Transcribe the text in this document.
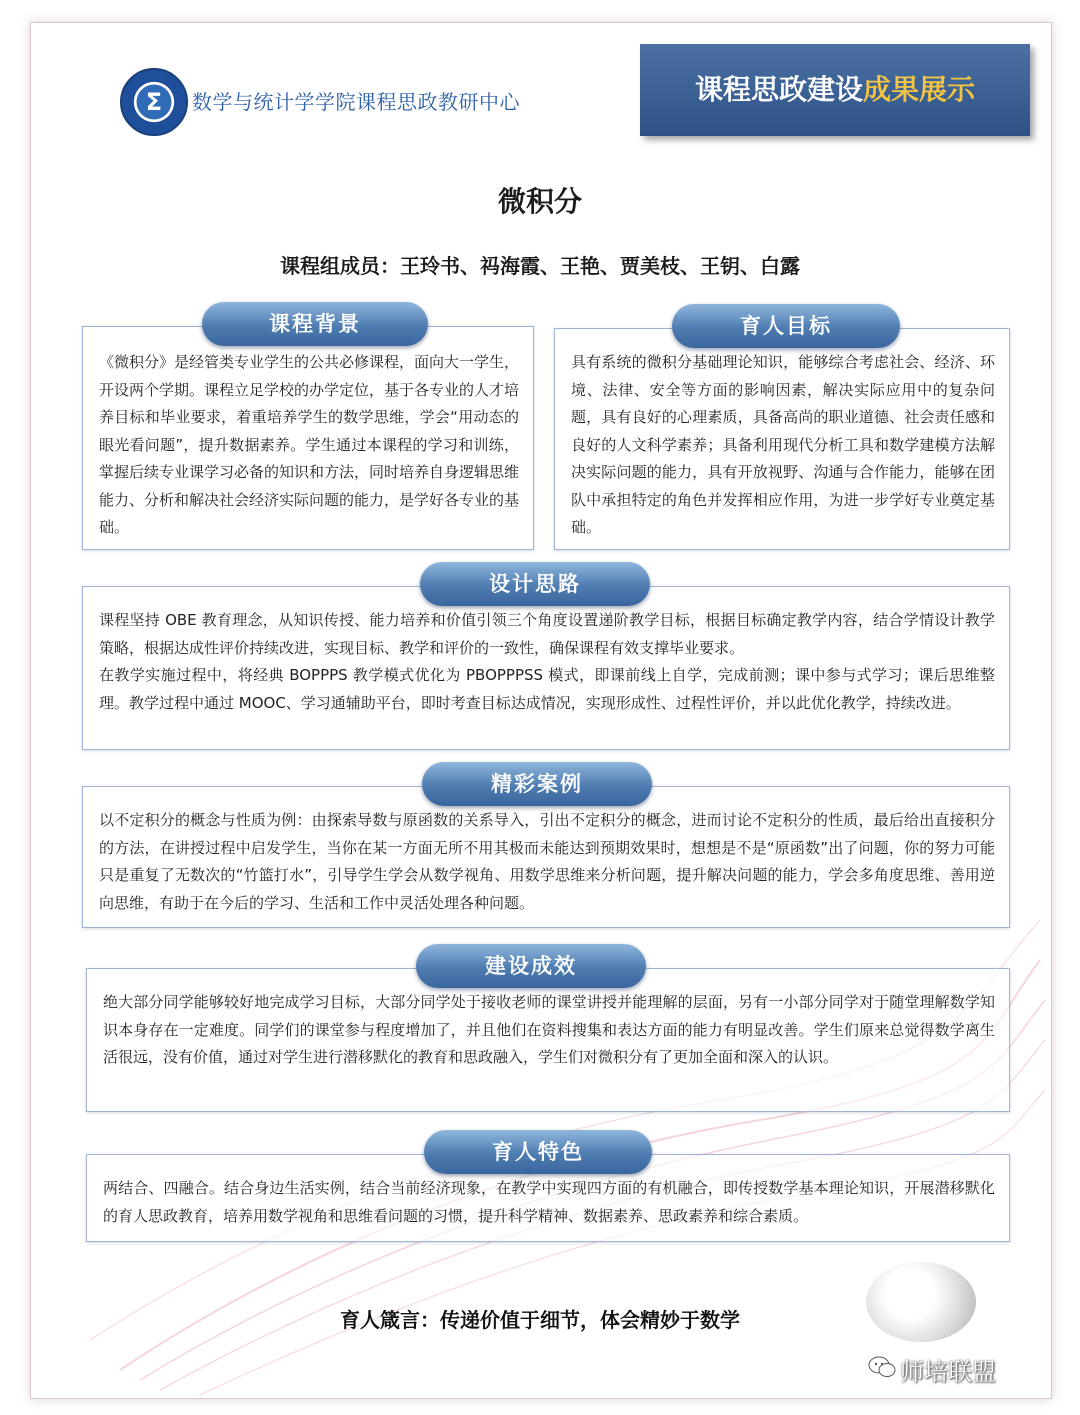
Σ	数学与统计学学院课程思政教研中心	课程思政建设成果展示
微积分
课程组成员：王玲书、祃海霞、王艳、贾美枝、王钥、白露

《微积分》是经管类专业学生的公共必修课程，面向大一学生，开设两个学期。课程立足学校的办学定位，基于各专业的人才培养目标和毕业要求，着重培养学生的数学思维，学会“用动态的眼光看问题”，提升数据素养。学生通过本课程的学习和训练，掌握后续专业课学习必备的知识和方法，同时培养自身逻辑思维能力、分析和解决社会经济实际问题的能力，是学好各专业的基础。

课程背景

具有系统的微积分基础理论知识，能够综合考虑社会、经济、环境、法律、安全等方面的影响因素，解决实际应用中的复杂问题，具有良好的心理素质，具备高尚的职业道德、社会责任感和良好的人文科学素养；具备利用现代分析工具和数学建模方法解决实际问题的能力，具有开放视野、沟通与合作能力，能够在团队中承担特定的角色并发挥相应作用，为进一步学好专业奠定基础。

育人目标

课程坚持 OBE 教育理念，从知识传授、能力培养和价值引领三个角度设置递阶教学目标，根据目标确定教学内容，结合学情设计教学策略，根据达成性评价持续改进，实现目标、教学和评价的一致性，确保课程有效支撑毕业要求。

在教学实施过程中，将经典 BOPPPS 教学模式优化为 PBOPPPSS 模式，即课前线上自学，完成前测；课中参与式学习；课后思维整理。教学过程中通过 MOOC、学习通辅助平台，即时考查目标达成情况，实现形成性、过程性评价，并以此优化教学，持续改进。

设计思路

以不定积分的概念与性质为例：由探索导数与原函数的关系导入，引出不定积分的概念，进而讨论不定积分的性质，最后给出直接积分的方法，在讲授过程中启发学生，当你在某一方面无所不用其极而未能达到预期效果时，想想是不是“原函数”出了问题，你的努力可能只是重复了无数次的“竹篮打水”，引导学生学会从数学视角、用数学思维来分析问题，提升解决问题的能力，学会多角度思维、善用逆向思维，有助于在今后的学习、生活和工作中灵活处理各种问题。

精彩案例

绝大部分同学能够较好地完成学习目标，大部分同学处于接收老师的课堂讲授并能理解的层面，另有一小部分同学对于随堂理解数学知识本身存在一定难度。同学们的课堂参与程度增加了，并且他们在资料搜集和表达方面的能力有明显改善。学生们原来总觉得数学离生活很远，没有价值，通过对学生进行潜移默化的教育和思政融入，学生们对微积分有了更加全面和深入的认识。

建设成效

两结合、四融合。结合身边生活实例，结合当前经济现象，在教学中实现四方面的有机融合，即传授数学基本理论知识，开展潜移默化的育人思政教育，培养用数学视角和思维看问题的习惯，提升科学精神、数据素养、思政素养和综合素质。

育人特色
育人箴言：传递价值于细节，体会精妙于数学
师培联盟
